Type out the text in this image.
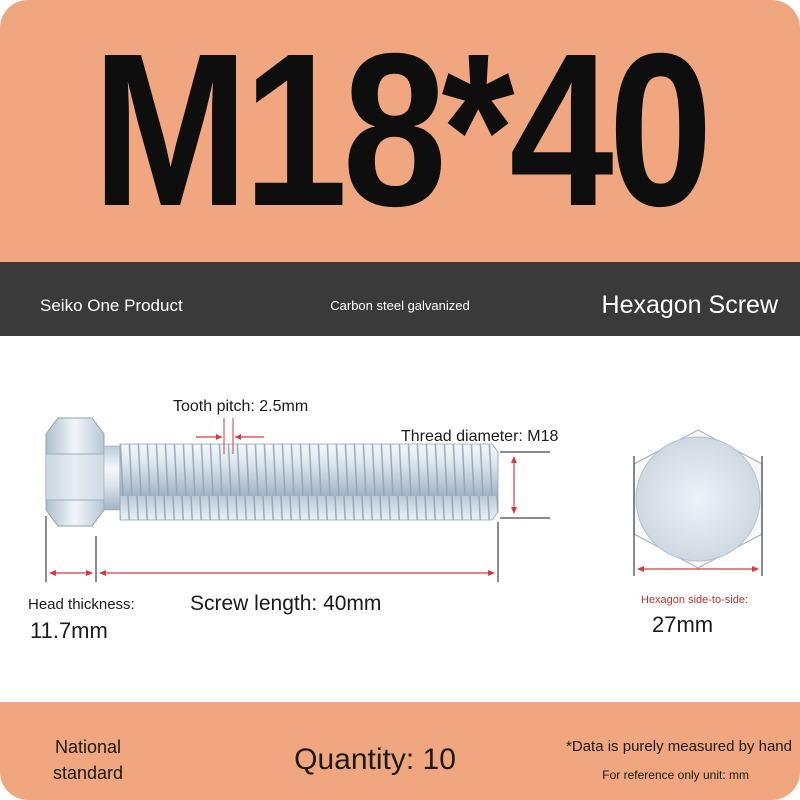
M18*40
Seiko One Product	Carbon steel galvanized	Hexagon Screw
Tooth pitch: 2.5mm
Thread diameter: M18
Head thickness:
11.7mm
Screw length: 40mm	Hexagon side-to-side:
27mm
National standard	Quantity: 10	*Data is purely measured by hand
For reference only unit: mm
